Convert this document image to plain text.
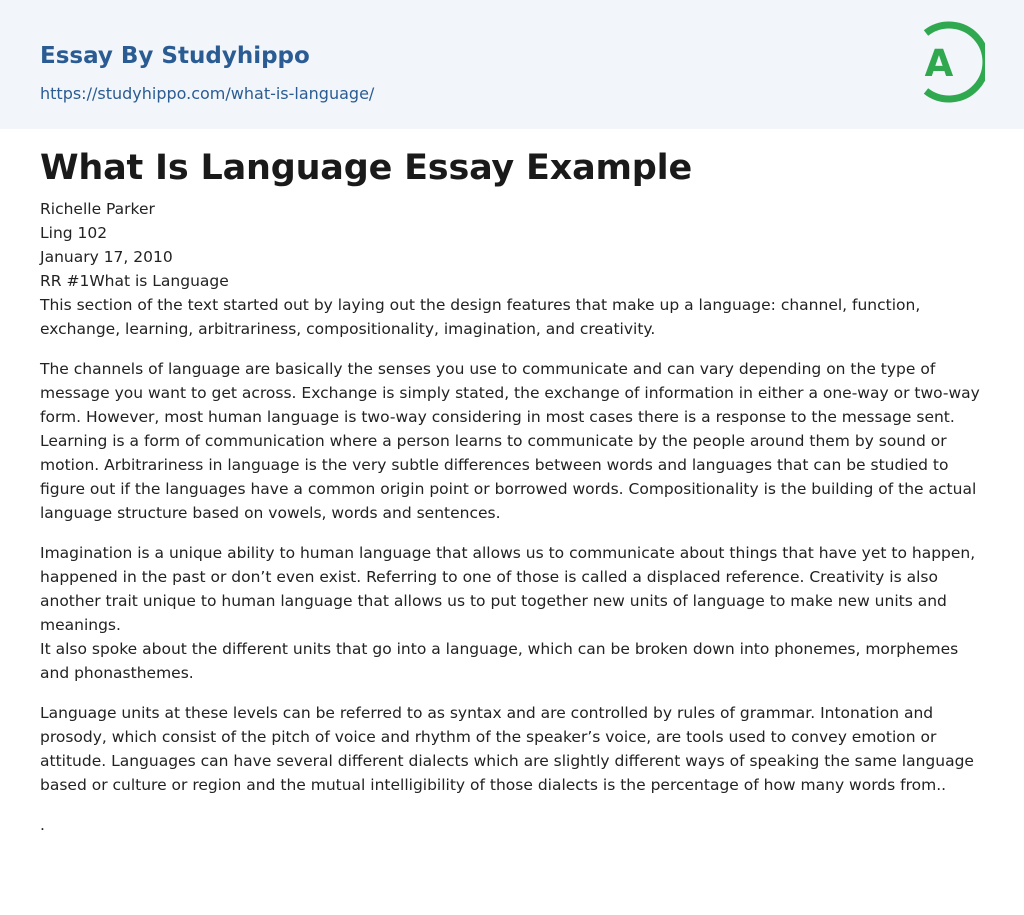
Essay By Studyhippo
https://studyhippo.com/what-is-language/
A
What Is Language Essay Example
Richelle Parker
Ling 102
January 17, 2010
RR #1What is Language

This section of the text started out by laying out the design features that make up a language: channel, function, exchange, learning, arbitrariness, compositionality, imagination, and creativity.

The channels of language are basically the senses you use to communicate and can vary depending on the type of message you want to get across. Exchange is simply stated, the exchange of information in either a one-way or two-way form. However, most human language is two-way considering in most cases there is a response to the message sent. Learning is a form of communication where a person learns to communicate by the people around them by sound or motion. Arbitrariness in language is the very subtle differences between words and languages that can be studied to figure out if the languages have a common origin point or borrowed words. Compositionality is the building of the actual language structure based on vowels, words and sentences.

Imagination is a unique ability to human language that allows us to communicate about things that have yet to happen, happened in the past or don’t even exist. Referring to one of those is called a displaced reference. Creativity is also another trait unique to human language that allows us to put together new units of language to make new units and meanings.

It also spoke about the different units that go into a language, which can be broken down into phonemes, morphemes and phonasthemes.

Language units at these levels can be referred to as syntax and are controlled by rules of grammar. Intonation and prosody, which consist of the pitch of voice and rhythm of the speaker’s voice, are tools used to convey emotion or attitude. Languages can have several different dialects which are slightly different ways of speaking the same language based or culture or region and the mutual intelligibility of those dialects is the percentage of how many words from..

.
